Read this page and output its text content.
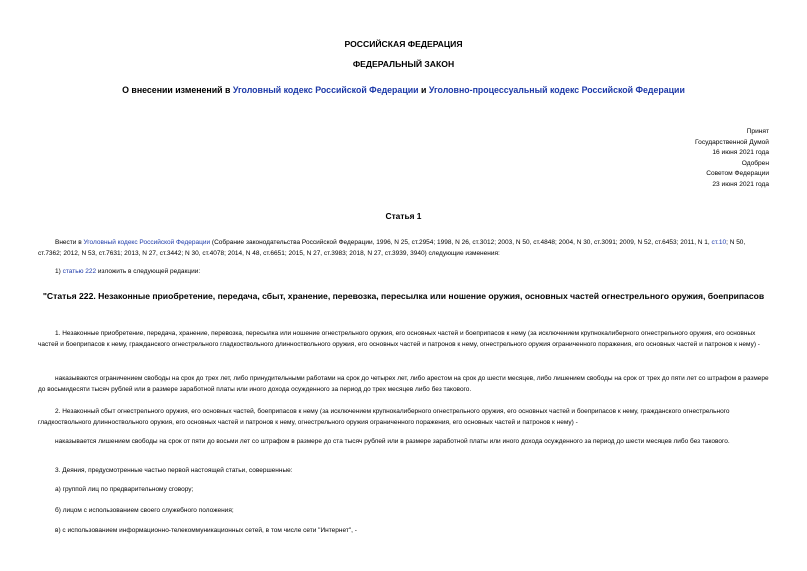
РОССИЙСКАЯ ФЕДЕРАЦИЯ
ФЕДЕРАЛЬНЫЙ ЗАКОН
О внесении изменений в Уголовный кодекс Российской Федерации и Уголовно-процессуальный кодекс Российской Федерации
Принят
Государственной Думой
16 июня 2021 года
Одобрен
Советом Федерации
23 июня 2021 года
Статья 1
Внести в Уголовный кодекс Российской Федерации (Собрание законодательства Российской Федерации, 1996, N 25, ст.2954; 1998, N 26, ст.3012; 2003, N 50, ст.4848; 2004, N 30, ст.3091; 2009, N 52, ст.6453; 2011, N 1, ст.10; N 50, ст.7362; 2012, N 53, ст.7631; 2013, N 27, ст.3442; N 30, ст.4078; 2014, N 48, ст.6651; 2015, N 27, ст.3983; 2018, N 27, ст.3939, 3940) следующие изменения:
1) статью 222 изложить в следующей редакции:
"Статья 222. Незаконные приобретение, передача, сбыт, хранение, перевозка, пересылка или ношение оружия, основных частей огнестрельного оружия, боеприпасов
1. Незаконные приобретение, передача, хранение, перевозка, пересылка или ношение огнестрельного оружия, его основных частей и боеприпасов к нему (за исключением крупнокалиберного огнестрельного оружия, его основных частей и боеприпасов к нему, гражданского огнестрельного гладкоствольного длинноствольного оружия, его основных частей и патронов к нему, огнестрельного оружия ограниченного поражения, его основных частей и патронов к нему) -
наказываются ограничением свободы на срок до трех лет, либо принудительными работами на срок до четырех лет, либо арестом на срок до шести месяцев, либо лишением свободы на срок от трех до пяти лет со штрафом в размере до восьмидесяти тысяч рублей или в размере заработной платы или иного дохода осужденного за период до трех месяцев либо без такового.
2. Незаконный сбыт огнестрельного оружия, его основных частей, боеприпасов к нему (за исключением крупнокалиберного огнестрельного оружия, его основных частей и боеприпасов к нему, гражданского огнестрельного гладкоствольного длинноствольного оружия, его основных частей и патронов к нему, огнестрельного оружия ограниченного поражения, его основных частей и патронов к нему) -
наказывается лишением свободы на срок от пяти до восьми лет со штрафом в размере до ста тысяч рублей или в размере заработной платы или иного дохода осужденного за период до шести месяцев либо без такового.
3. Деяния, предусмотренные частью первой настоящей статьи, совершенные:
а) группой лиц по предварительному сговору;
б) лицом с использованием своего служебного положения;
в) с использованием информационно-телекоммуникационных сетей, в том числе сети "Интернет", -
